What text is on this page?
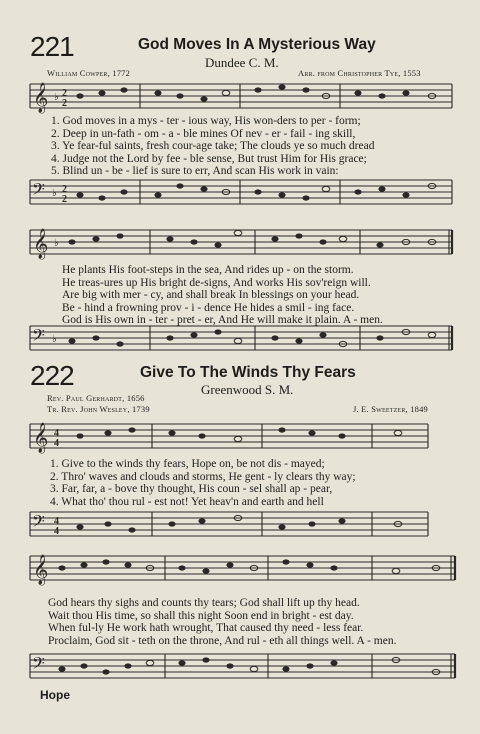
221	God Moves In A Mysterious Way
Dundee C. M.
William Cowper, 1772	Arr. from Christopher Tye, 1553
𝄞 ♭ 2
2
1. God moves in a mys - ter - ious way, His won-ders to per - form;
2. Deep in un-fath - om - a - ble mines Of nev - er - fail - ing skill,
3. Ye fear-ful saints, fresh cour-age take; The clouds ye so much dread
4. Judge not the Lord by fee - ble sense, But trust Him for His grace;
5. Blind un - be - lief is sure to err, And scan His work in vain:
𝄢 ♭ 2
2
𝄞 ♭
He plants His foot-steps in the sea, And rides up - on the storm.
He treas-ures up His bright de-signs, And works His sov'reign will.
Are big with mer - cy, and shall break In blessings on your head.
Be - hind a frowning prov - i - dence He hides a smil - ing face.
God is His own in - ter - pret - er, And He will make it plain. A - men.
𝄢 ♭
222	Give To The Winds Thy Fears
Greenwood S. M.
Rev. Paul Gerhardt, 1656
Tr. Rev. John Wesley, 1739	J. E. Sweetzer, 1849
𝄞 4
4
1. Give to the winds thy fears, Hope on, be not dis - mayed;
2. Thro' waves and clouds and storms, He gent - ly clears thy way;
3. Far, far, a - bove thy thought, His coun - sel shall ap - pear,
4. What tho' thou rul - est not! Yet heav'n and earth and hell
𝄢 4
4
𝄞
God hears thy sighs and counts thy tears; God shall lift up thy head.
Wait thou His time, so shall this night Soon end in bright - est day.
When ful-ly He work hath wrought, That caused thy need - less fear.
Proclaim, God sit - teth on the throne, And rul - eth all things well. A - men.
𝄢
Hope
